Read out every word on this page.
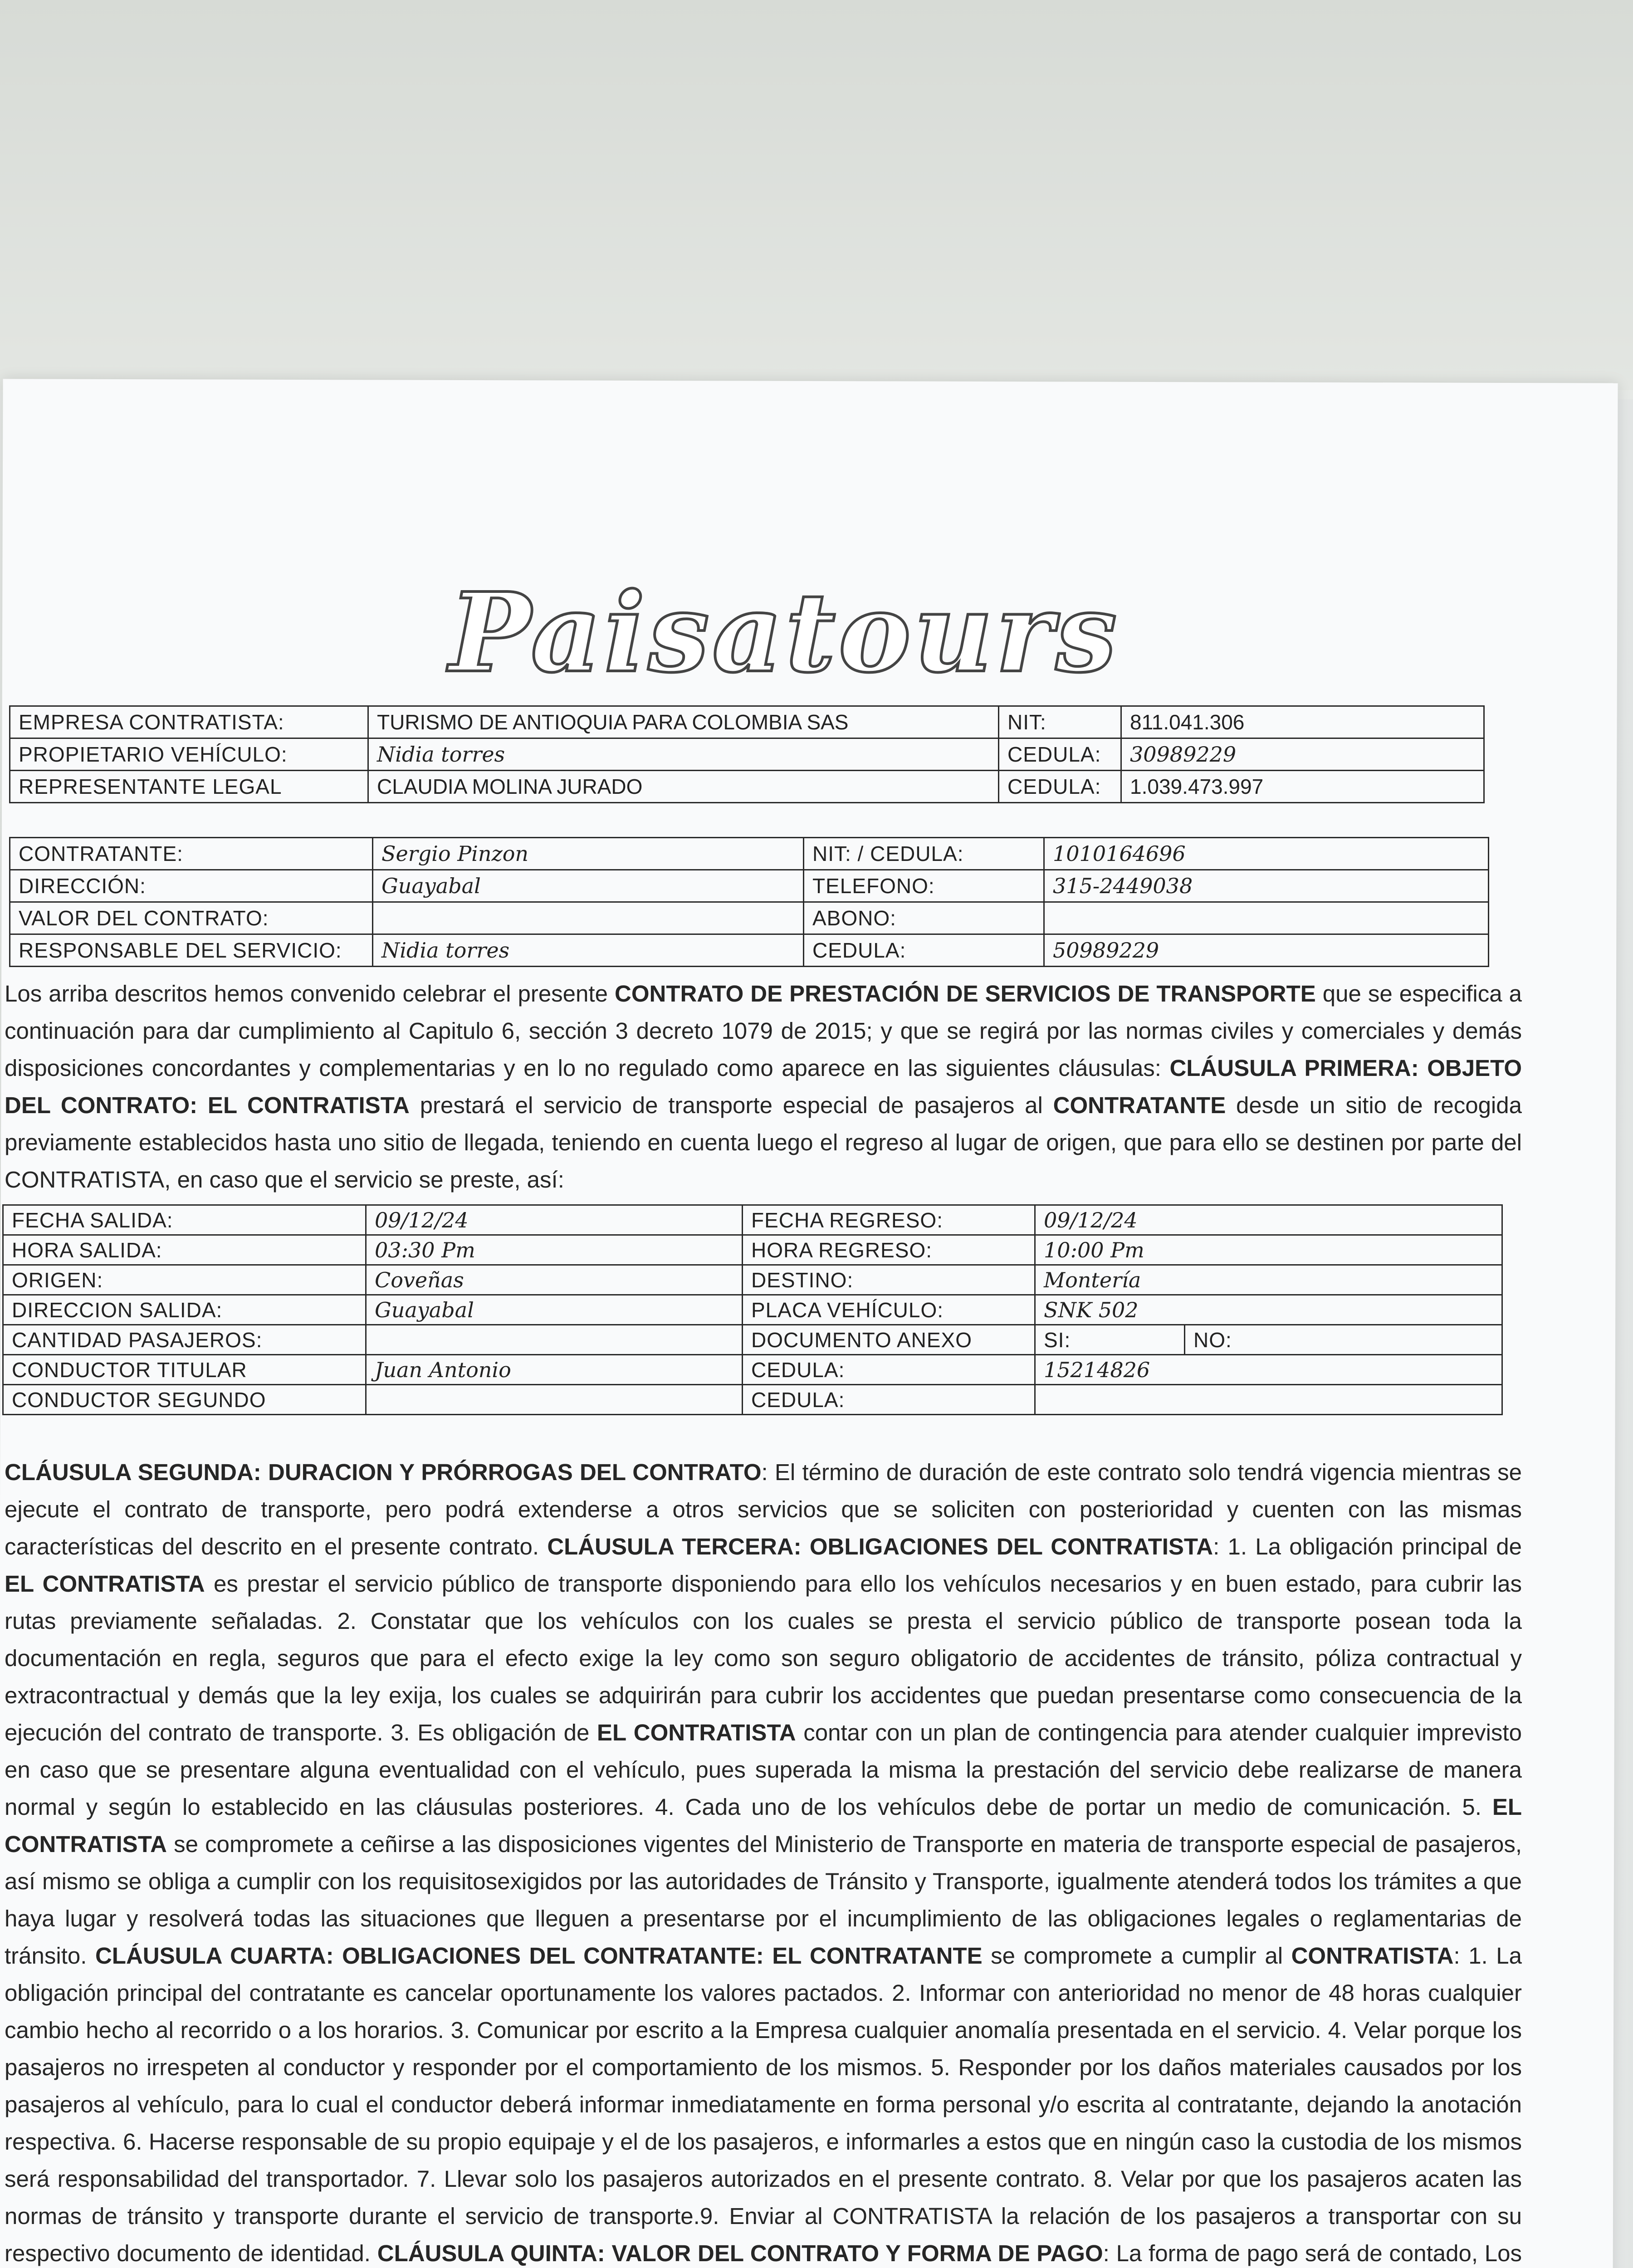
Paisatours
EMPRESA CONTRATISTA:	TURISMO DE ANTIOQUIA PARA COLOMBIA SAS	NIT:	811.041.306
PROPIETARIO VEHÍCULO:	Nidia torres	CEDULA:	30989229
REPRESENTANTE LEGAL	CLAUDIA MOLINA JURADO	CEDULA:	1.039.473.997
CONTRATANTE:	Sergio Pinzon	NIT: / CEDULA:	1010164696
DIRECCIÓN:	Guayabal	TELEFONO:	315-2449038
VALOR DEL CONTRATO:		ABONO:	
RESPONSABLE DEL SERVICIO:	Nidia torres	CEDULA:	50989229
Los arriba descritos hemos convenido celebrar el presente CONTRATO DE PRESTACIÓN DE SERVICIOS DE TRANSPORTE que se especifica a continuación para dar cumplimiento al Capitulo 6, sección 3 decreto 1079 de 2015; y que se regirá por las normas civiles y comerciales y demás disposiciones concordantes y complementarias y en lo no regulado como aparece en las siguientes cláusulas: CLÁUSULA PRIMERA: OBJETO DEL CONTRATO: EL CONTRATISTA prestará el servicio de transporte especial de pasajeros al CONTRATANTE desde un sitio de recogida previamente establecidos hasta uno sitio de llegada, teniendo en cuenta luego el regreso al lugar de origen, que para ello se destinen por parte del CONTRATISTA, en caso que el servicio se preste, así:
FECHA SALIDA:	09/12/24	FECHA REGRESO:	09/12/24	
HORA SALIDA:	03:30 Pm	HORA REGRESO:	10:00 Pm	
ORIGEN:	Coveñas	DESTINO:	Montería	
DIRECCION SALIDA:	Guayabal	PLACA VEHÍCULO:	SNK 502	
CANTIDAD PASAJEROS:		DOCUMENTO ANEXO	SI:	NO:
CONDUCTOR TITULAR	Juan Antonio	CEDULA:	15214826	
CONDUCTOR SEGUNDO		CEDULA:		
CLÁUSULA SEGUNDA: DURACION Y PRÓRROGAS DEL CONTRATO: El término de duración de este contrato solo tendrá vigencia mientras se ejecute el contrato de transporte, pero podrá extenderse a otros servicios que se soliciten con posterioridad y cuenten con las mismas características del descrito en el presente contrato. CLÁUSULA TERCERA: OBLIGACIONES DEL CONTRATISTA: 1. La obligación principal de EL CONTRATISTA es prestar el servicio público de transporte disponiendo para ello los vehículos necesarios y en buen estado, para cubrir las rutas previamente señaladas. 2. Constatar que los vehículos con los cuales se presta el servicio público de transporte posean toda la documentación en regla, seguros que para el efecto exige la ley como son seguro obligatorio de accidentes de tránsito, póliza contractual y extracontractual y demás que la ley exija, los cuales se adquirirán para cubrir los accidentes que puedan presentarse como consecuencia de la ejecución del contrato de transporte. 3. Es obligación de EL CONTRATISTA contar con un plan de contingencia para atender cualquier imprevisto en caso que se presentare alguna eventualidad con el vehículo, pues superada la misma la prestación del servicio debe realizarse de manera normal y según lo establecido en las cláusulas posteriores. 4. Cada uno de los vehículos debe de portar un medio de comunicación. 5. EL CONTRATISTA se compromete a ceñirse a las disposiciones vigentes del Ministerio de Transporte en materia de transporte especial de pasajeros, así mismo se obliga a cumplir con los requisitosexigidos por las autoridades de Tránsito y Transporte, igualmente atenderá todos los trámites a que haya lugar y resolverá todas las situaciones que lleguen a presentarse por el incumplimiento de las obligaciones legales o reglamentarias de tránsito. CLÁUSULA CUARTA: OBLIGACIONES DEL CONTRATANTE: EL CONTRATANTE se compromete a cumplir al CONTRATISTA: 1. La obligación principal del contratante es cancelar oportunamente los valores pactados. 2. Informar con anterioridad no menor de 48 horas cualquier cambio hecho al recorrido o a los horarios. 3. Comunicar por escrito a la Empresa cualquier anomalía presentada en el servicio. 4. Velar porque los pasajeros no irrespeten al conductor y responder por el comportamiento de los mismos. 5. Responder por los daños materiales causados por los pasajeros al vehículo, para lo cual el conductor deberá informar inmediatamente en forma personal y/o escrita al contratante, dejando la anotación respectiva. 6. Hacerse responsable de su propio equipaje y el de los pasajeros, e informarles a estos que en ningún caso la custodia de los mismos será responsabilidad del transportador. 7. Llevar solo los pasajeros autorizados en el presente contrato. 8. Velar por que los pasajeros acaten las normas de tránsito y transporte durante el servicio de transporte.9. Enviar al CONTRATISTA la relación de los pasajeros a transportar con su respectivo documento de identidad. CLÁUSULA QUINTA: VALOR DEL CONTRATO Y FORMA DE PAGO: La forma de pago será de contado, Los
